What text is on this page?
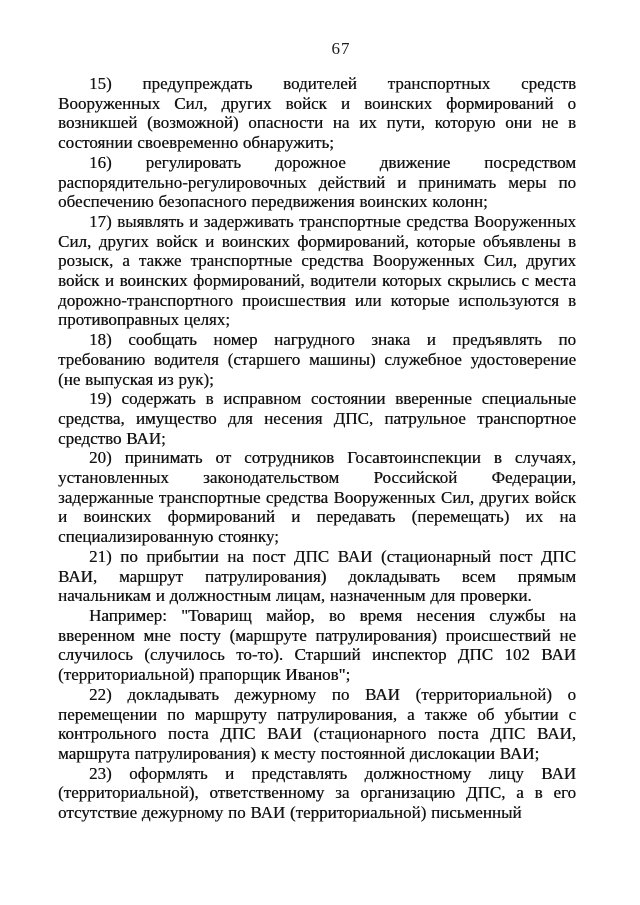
67

15) предупреждать водителей транспортных средств Вооруженных Сил, других войск и воинских формирований о возникшей (возможной) опасности на их пути, которую они не в состоянии своевременно обнаружить;

16) регулировать дорожное движение посредством распорядительно-регулировочных действий и принимать меры по обеспечению безопасного передвижения воинских колонн;

17) выявлять и задерживать транспортные средства Вооруженных Сил, других войск и воинских формирований, которые объявлены в розыск, а также транспортные средства Вооруженных Сил, других войск и воинских формирований, водители которых скрылись с места дорожно-транспортного происшествия или которые используются в противоправных целях;

18) сообщать номер нагрудного знака и предъявлять по требованию водителя (старшего машины) служебное удостоверение (не выпуская из рук);

19) содержать в исправном состоянии вверенные специальные средства, имущество для несения ДПС, патрульное транспортное средство ВАИ;

20) принимать от сотрудников Госавтоинспекции в случаях, установленных законодательством Российской Федерации, задержанные транспортные средства Вооруженных Сил, других войск и воинских формирований и передавать (перемещать) их на специализированную стоянку;

21) по прибытии на пост ДПС ВАИ (стационарный пост ДПС ВАИ, маршрут патрулирования) докладывать всем прямым начальникам и должностным лицам, назначенным для проверки.

Например: "Товарищ майор, во время несения службы на вверенном мне посту (маршруте патрулирования) происшествий не случилось (случилось то-то). Старший инспектор ДПС 102 ВАИ (территориальной) прапорщик Иванов";

22) докладывать дежурному по ВАИ (территориальной) о перемещении по маршруту патрулирования, а также об убытии с контрольного поста ДПС ВАИ (стационарного поста ДПС ВАИ, маршрута патрулирования) к месту постоянной дислокации ВАИ;

23) оформлять и представлять должностному лицу ВАИ (территориальной), ответственному за организацию ДПС, а в его отсутствие дежурному по ВАИ (территориальной) письменный
